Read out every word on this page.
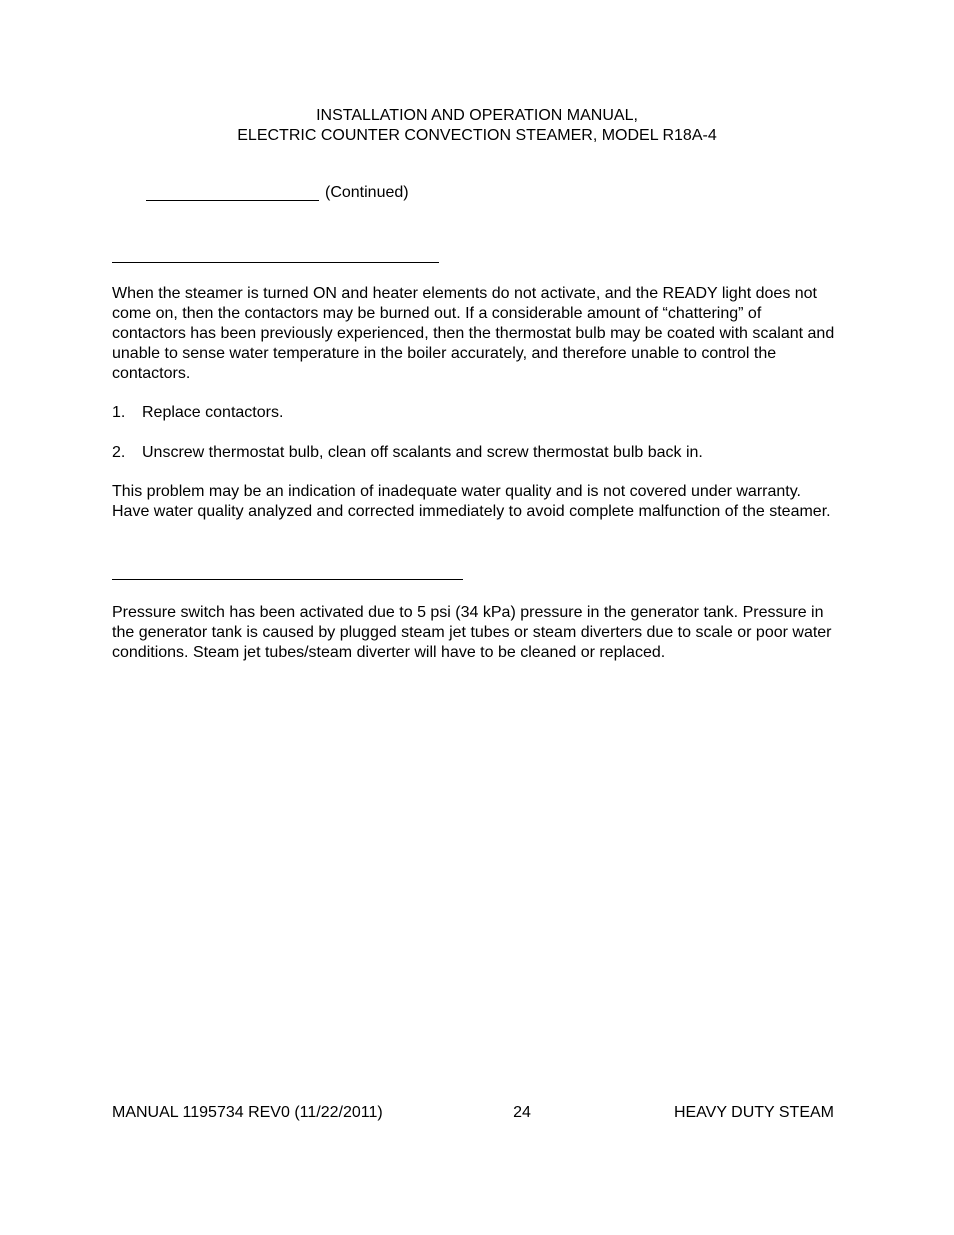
INSTALLATION AND OPERATION MANUAL,
ELECTRIC COUNTER CONVECTION STEAMER, MODEL R18A-4
(Continued)

When the steamer is turned ON and heater elements do not activate, and the READY light does not come on, then the contactors may be burned out. If a considerable amount of “chattering” of contactors has been previously experienced, then the thermostat bulb may be coated with scalant and unable to sense water temperature in the boiler accurately, and therefore unable to control the contactors.

1. Replace contactors.
2. Unscrew thermostat bulb, clean off scalants and screw thermostat bulb back in.

This problem may be an indication of inadequate water quality and is not covered under warranty. Have water quality analyzed and corrected immediately to avoid complete malfunction of the steamer.

Pressure switch has been activated due to 5 psi (34 kPa) pressure in the generator tank. Pressure in the generator tank is caused by plugged steam jet tubes or steam diverters due to scale or poor water conditions. Steam jet tubes/steam diverter will have to be cleaned or replaced.

MANUAL 1195734 REV0 (11/22/2011)	24	HEAVY DUTY STEAM
